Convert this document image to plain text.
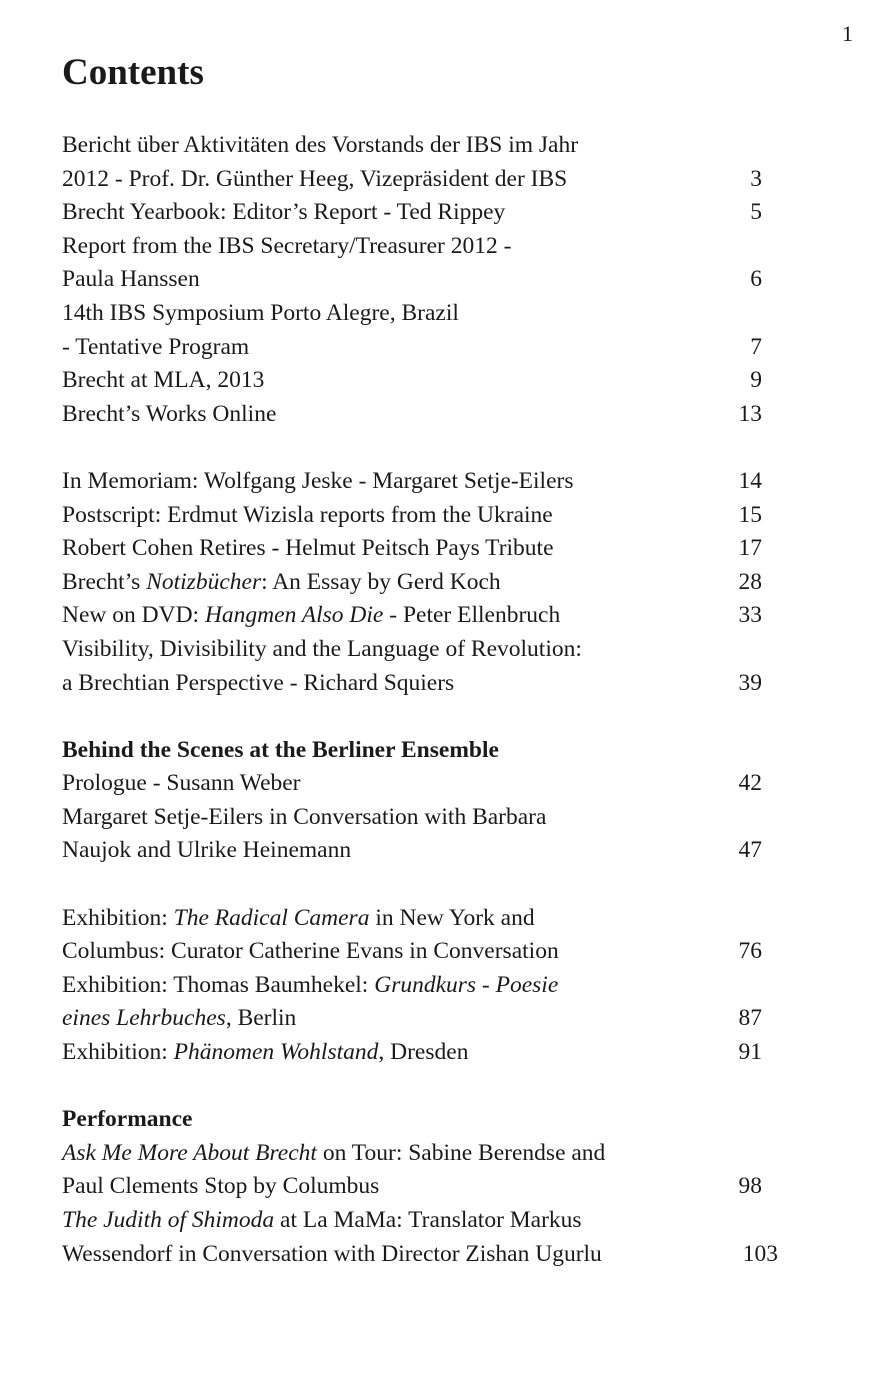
1
Contents
Bericht über Aktivitäten des Vorstands der IBS im Jahr
2012 - Prof. Dr. Günther Heeg, Vizepräsident der IBS	3
Brecht Yearbook: Editor’s Report - Ted Rippey	5
Report from the IBS Secretary/Treasurer 2012 -
Paula Hanssen	6
14th IBS Symposium Porto Alegre, Brazil
- Tentative Program	7
Brecht at MLA, 2013	9
Brecht’s Works Online	13
In Memoriam: Wolfgang Jeske - Margaret Setje-Eilers	14
Postscript: Erdmut Wizisla reports from the Ukraine	15
Robert Cohen Retires - Helmut Peitsch Pays Tribute	17
Brecht’s Notizbücher: An Essay by Gerd Koch	28
New on DVD: Hangmen Also Die - Peter Ellenbruch	33
Visibility, Divisibility and the Language of Revolution:
a Brechtian Perspective - Richard Squiers	39
Behind the Scenes at the Berliner Ensemble
Prologue - Susann Weber	42
Margaret Setje-Eilers in Conversation with Barbara
Naujok and Ulrike Heinemann	47
Exhibition: The Radical Camera in New York and
Columbus: Curator Catherine Evans in Conversation	76
Exhibition: Thomas Baumhekel: Grundkurs - Poesie
eines Lehrbuches, Berlin	87
Exhibition: Phänomen Wohlstand, Dresden	91
Performance
Ask Me More About Brecht on Tour: Sabine Berendse and
Paul Clements Stop by Columbus	98
The Judith of Shimoda at La MaMa: Translator Markus
Wessendorf in Conversation with Director Zishan Ugurlu	103
